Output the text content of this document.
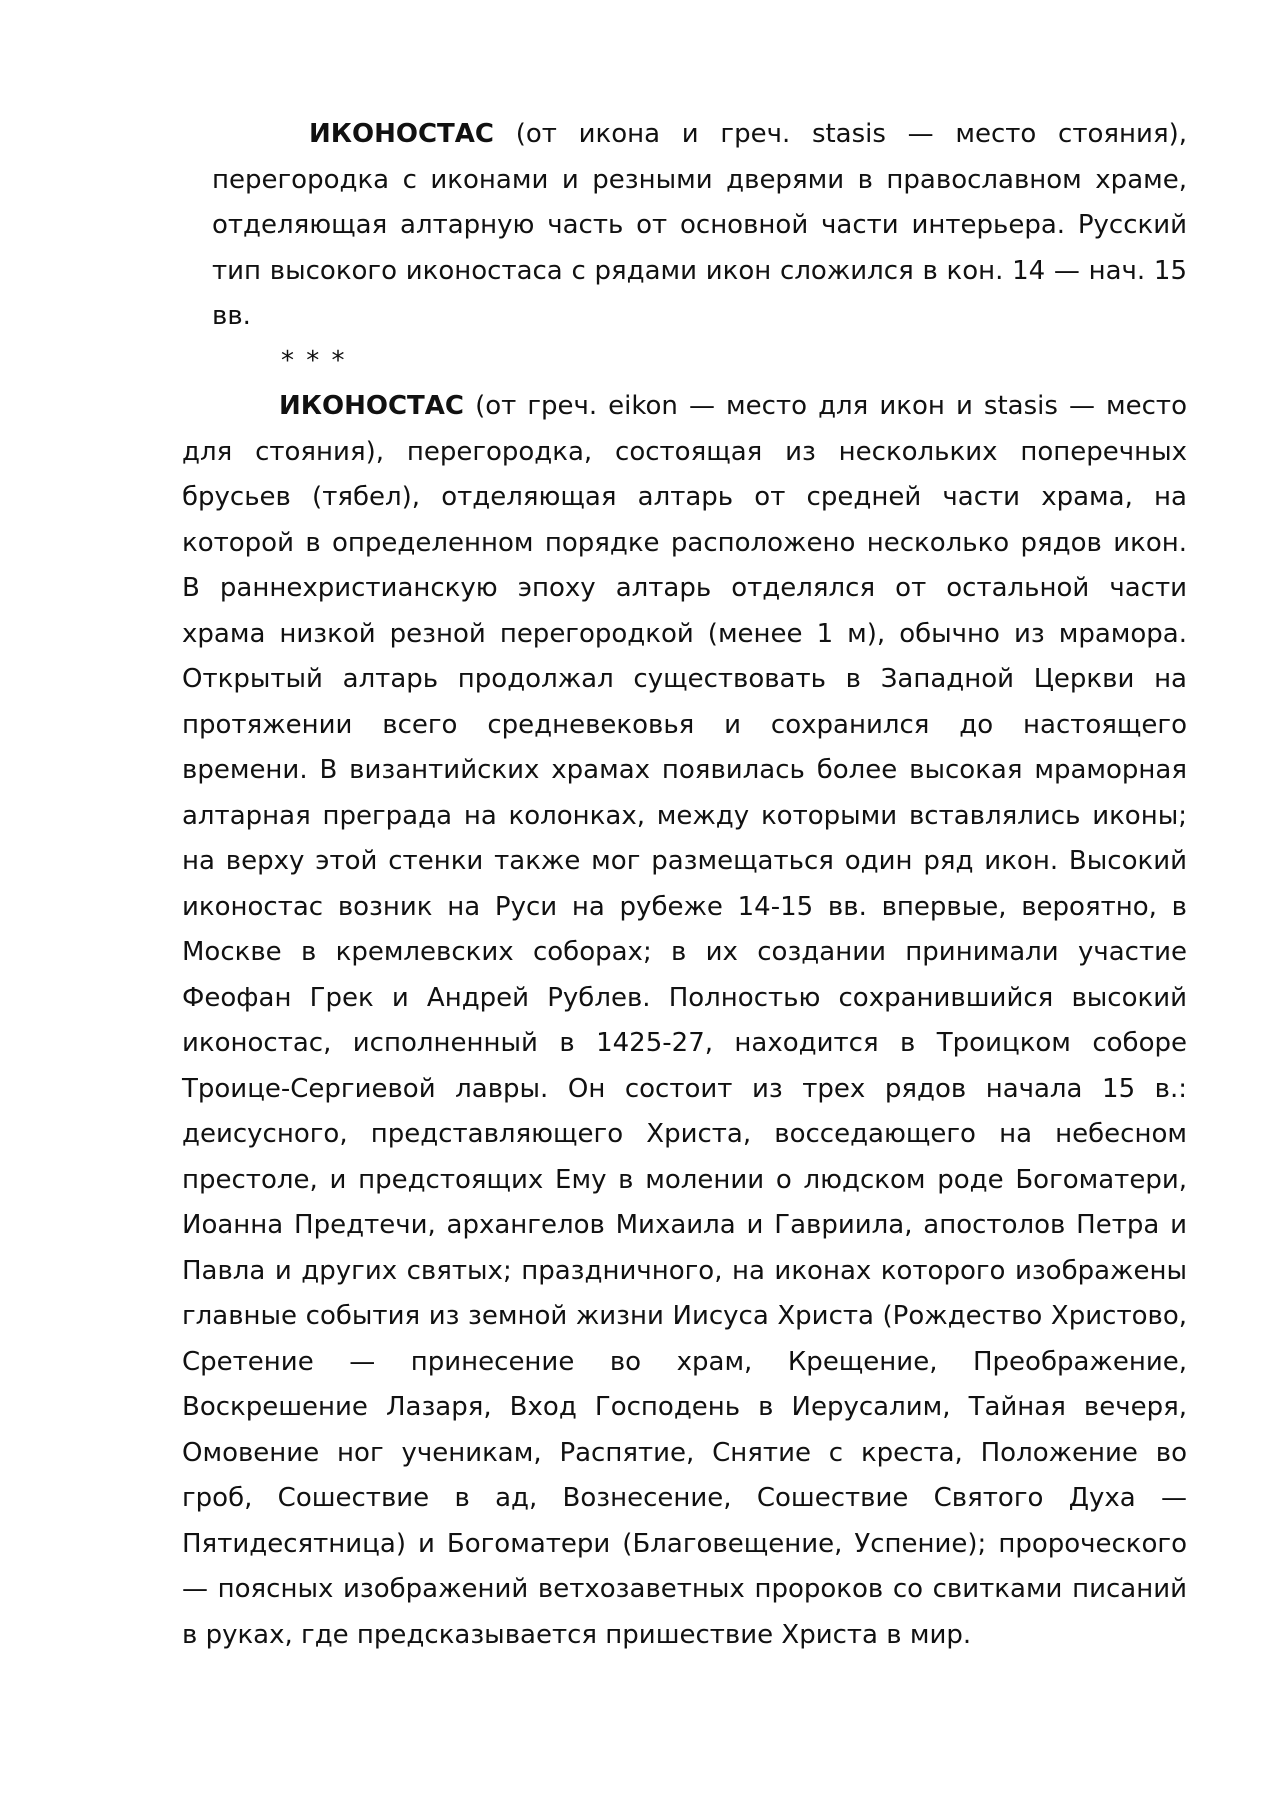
ИКОНОСТАС (от икона и греч. stasis — место стояния), перегородка с иконами и резными дверями в православном храме, отделяющая алтарную часть от основной части интерьера. Русский тип высокого иконостаса с рядами икон сложился в кон. 14 — нач. 15 вв.

* * *

ИКОНОСТАС (от греч. eikon — место для икон и stasis — место для стояния), перегородка, состоящая из нескольких поперечных брусьев (тябел), отделяющая алтарь от средней части храма, на которой в определенном порядке расположено несколько рядов икон. В раннехристианскую эпоху алтарь отделялся от остальной части храма низкой резной перегородкой (менее 1 м), обычно из мрамора. Открытый алтарь продолжал существовать в Западной Церкви на протяжении всего средневековья и сохранился до настоящего времени. В византийских храмах появилась более высокая мраморная алтарная преграда на колонках, между которыми вставлялись иконы; на верху этой стенки также мог размещаться один ряд икон. Высокий иконостас возник на Руси на рубеже 14-15 вв. впервые, вероятно, в Москве в кремлевских соборах; в их создании принимали участие Феофан Грек и Андрей Рублев. Полностью сохранившийся высокий иконостас, исполненный в 1425-27, находится в Троицком соборе Троице-Сергиевой лавры. Он состоит из трех рядов начала 15 в.: деисусного, представляющего Христа, восседающего на небесном престоле, и предстоящих Ему в молении о людском роде Богоматери, Иоанна Предтечи, архангелов Михаила и Гавриила, апостолов Петра и Павла и других святых; праздничного, на иконах которого изображены главные события из земной жизни Иисуса Христа (Рождество Христово, Сретение — принесение во храм, Крещение, Преображение, Воскрешение Лазаря, Вход Господень в Иерусалим, Тайная вечеря, Омовение ног ученикам, Распятие, Снятие с креста, Положение во гроб, Сошествие в ад, Вознесение, Сошествие Святого Духа — Пятидесятница) и Богоматери (Благовещение, Успение); пророческого — поясных изображений ветхозаветных пророков со свитками писаний в руках, где предсказывается пришествие Христа в мир.
